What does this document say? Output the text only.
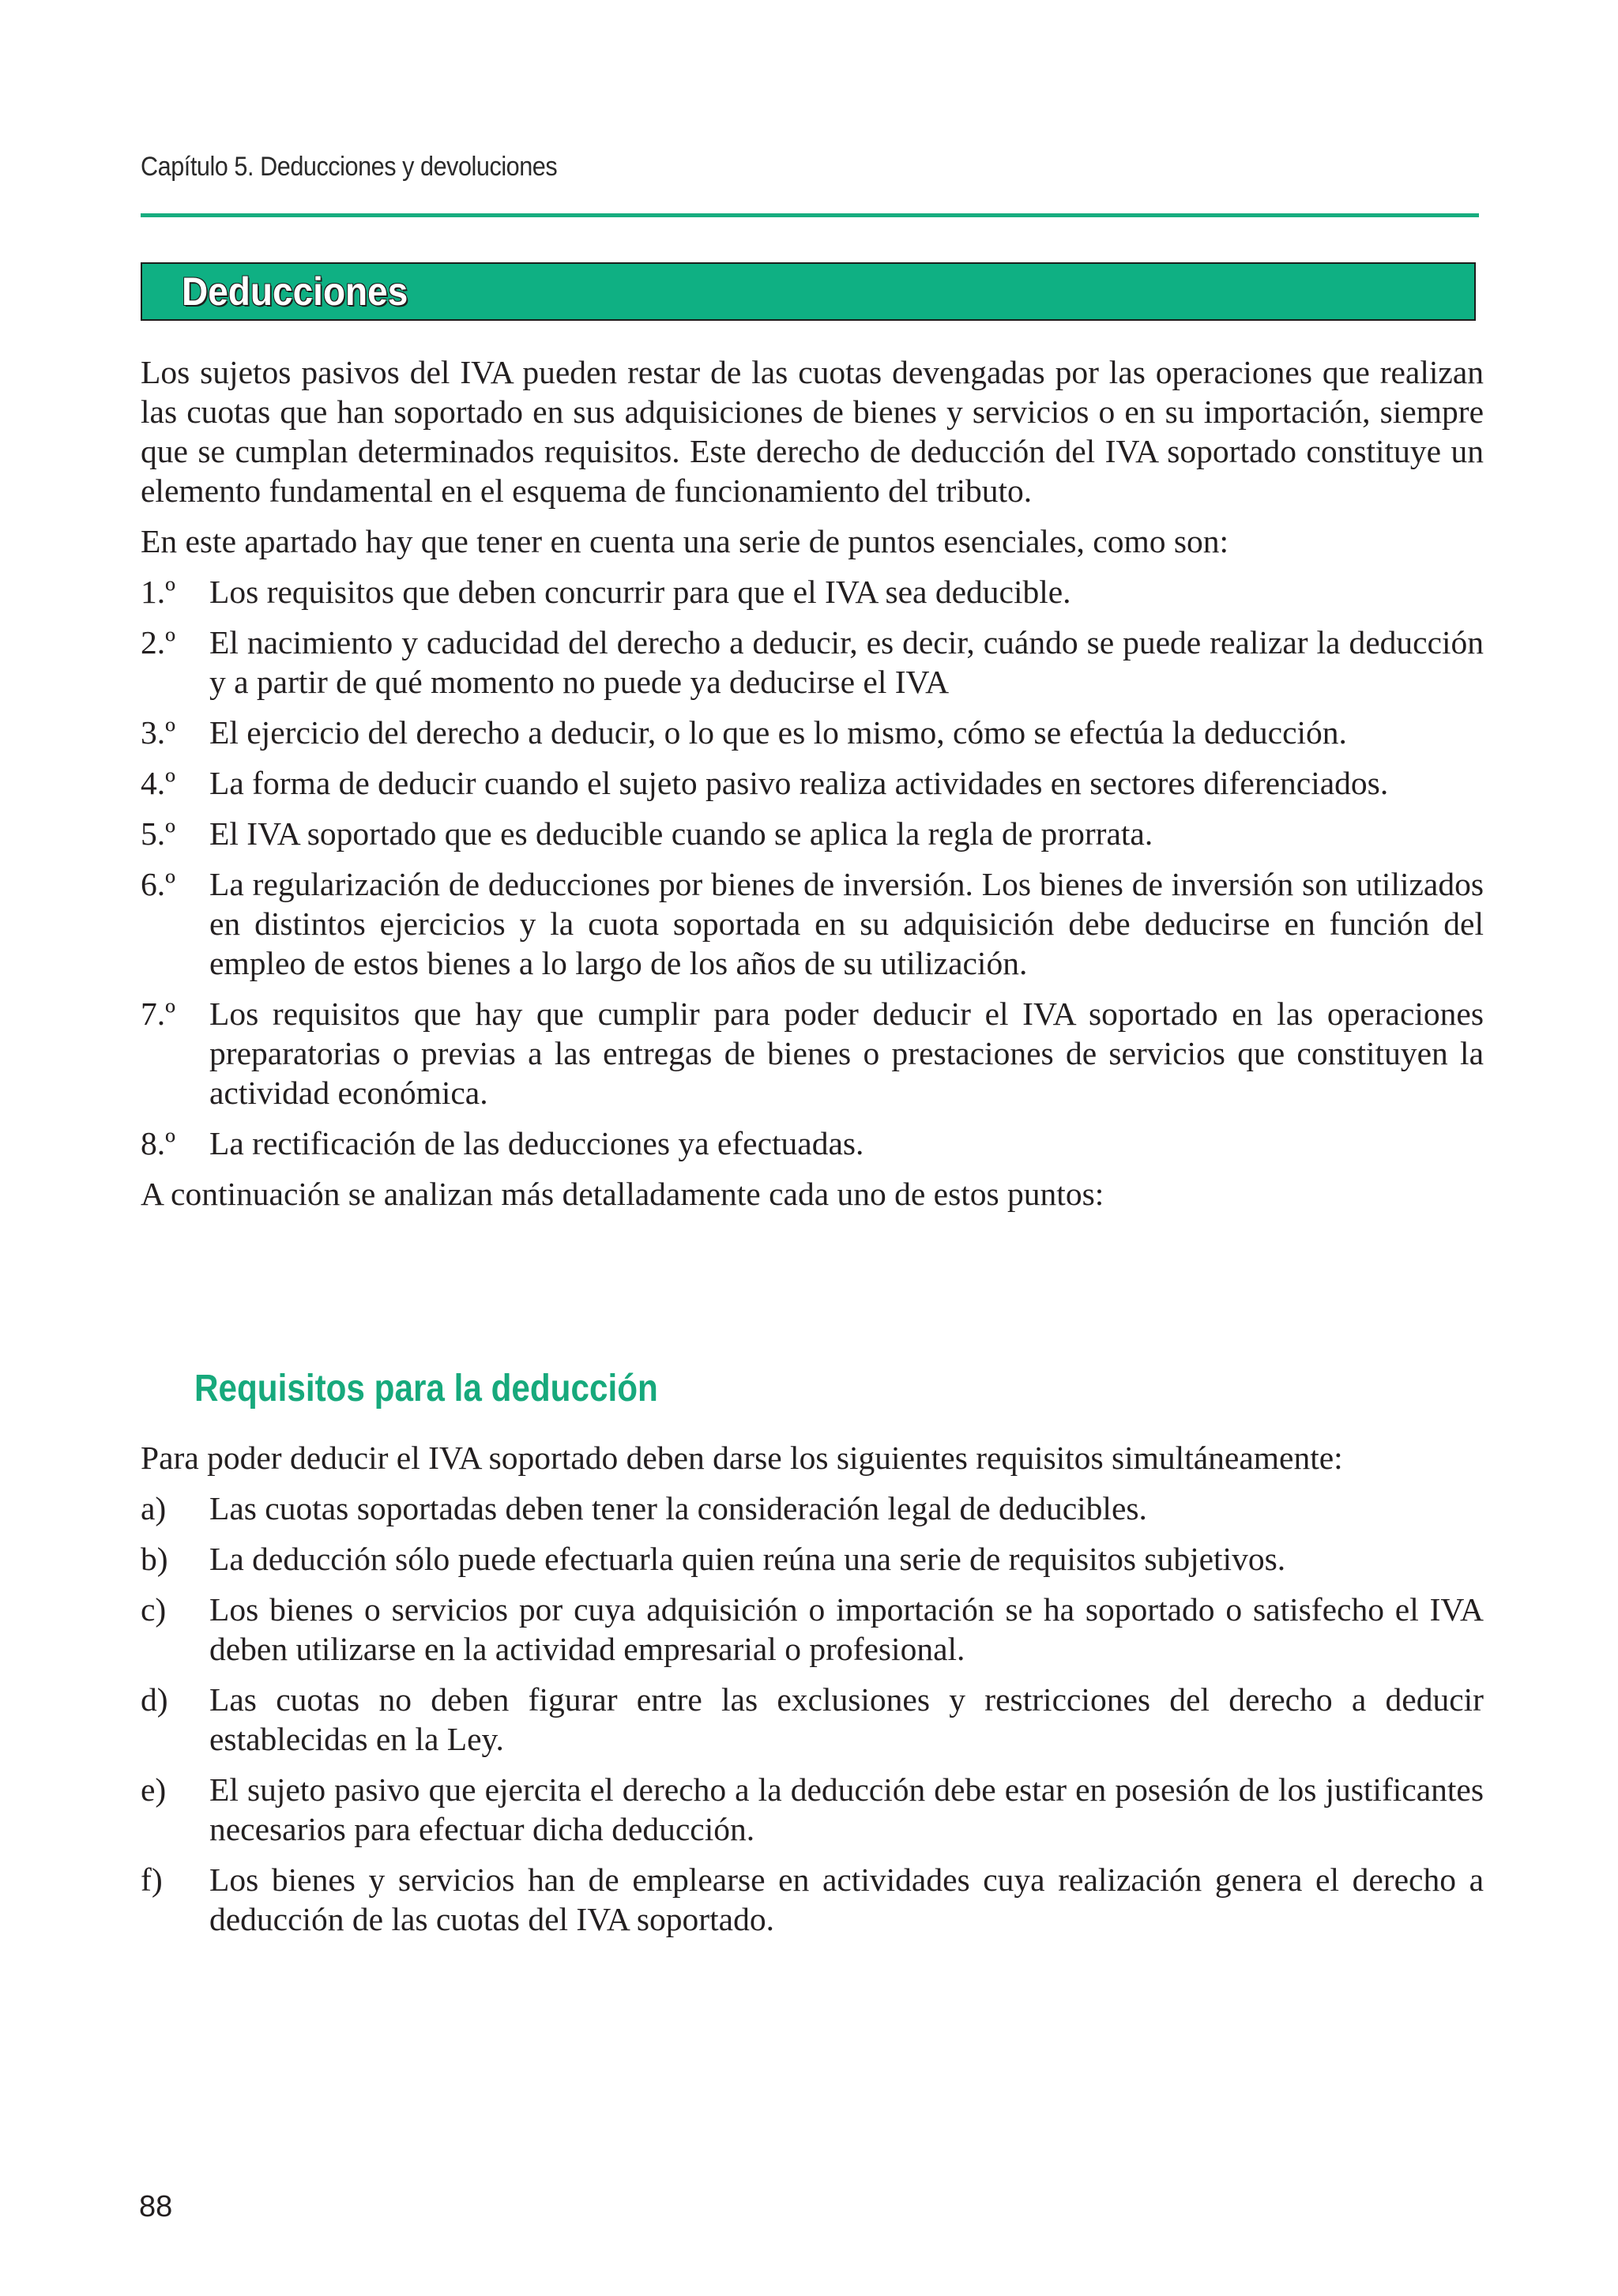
Capítulo 5. Deducciones y devoluciones
Deducciones

Los sujetos pasivos del IVA pueden restar de las cuotas devengadas por las operaciones que realizan las cuotas que han soportado en sus adquisiciones de bienes y servicios o en su importación, siempre que se cumplan determinados requisitos. Este derecho de deducción del IVA soportado constituye un elemento fundamental en el esquema de funcionamiento del tributo.

En este apartado hay que tener en cuenta una serie de puntos esenciales, como son:

1.º Los requisitos que deben concurrir para que el IVA sea deducible.
2.º El nacimiento y caducidad del derecho a deducir, es decir, cuándo se puede realizar la deducción y a partir de qué momento no puede ya deducirse el IVA
3.º El ejercicio del derecho a deducir, o lo que es lo mismo, cómo se efectúa la deducción.
4.º La forma de deducir cuando el sujeto pasivo realiza actividades en sectores diferenciados.
5.º El IVA soportado que es deducible cuando se aplica la regla de prorrata.
6.º La regularización de deducciones por bienes de inversión. Los bienes de inversión son utilizados en distintos ejercicios y la cuota soportada en su adquisición debe deducirse en función del empleo de estos bienes a lo largo de los años de su utilización.
7.º Los requisitos que hay que cumplir para poder deducir el IVA soportado en las operaciones preparatorias o previas a las entregas de bienes o prestaciones de servicios que constituyen la actividad económica.
8.º La rectificación de las deducciones ya efectuadas.

A continuación se analizan más detalladamente cada uno de estos puntos:

Requisitos para la deducción

Para poder deducir el IVA soportado deben darse los siguientes requisitos simultáneamente:

a) Las cuotas soportadas deben tener la consideración legal de deducibles.
b) La deducción sólo puede efectuarla quien reúna una serie de requisitos subjetivos.
c) Los bienes o servicios por cuya adquisición o importación se ha soportado o satisfecho el IVA deben utilizarse en la actividad empresarial o profesional.
d) Las cuotas no deben figurar entre las exclusiones y restricciones del derecho a deducir establecidas en la Ley.
e) El sujeto pasivo que ejercita el derecho a la deducción debe estar en posesión de los justificantes necesarios para efectuar dicha deducción.
f) Los bienes y servicios han de emplearse en actividades cuya realización genera el derecho a deducción de las cuotas del IVA soportado.
88
